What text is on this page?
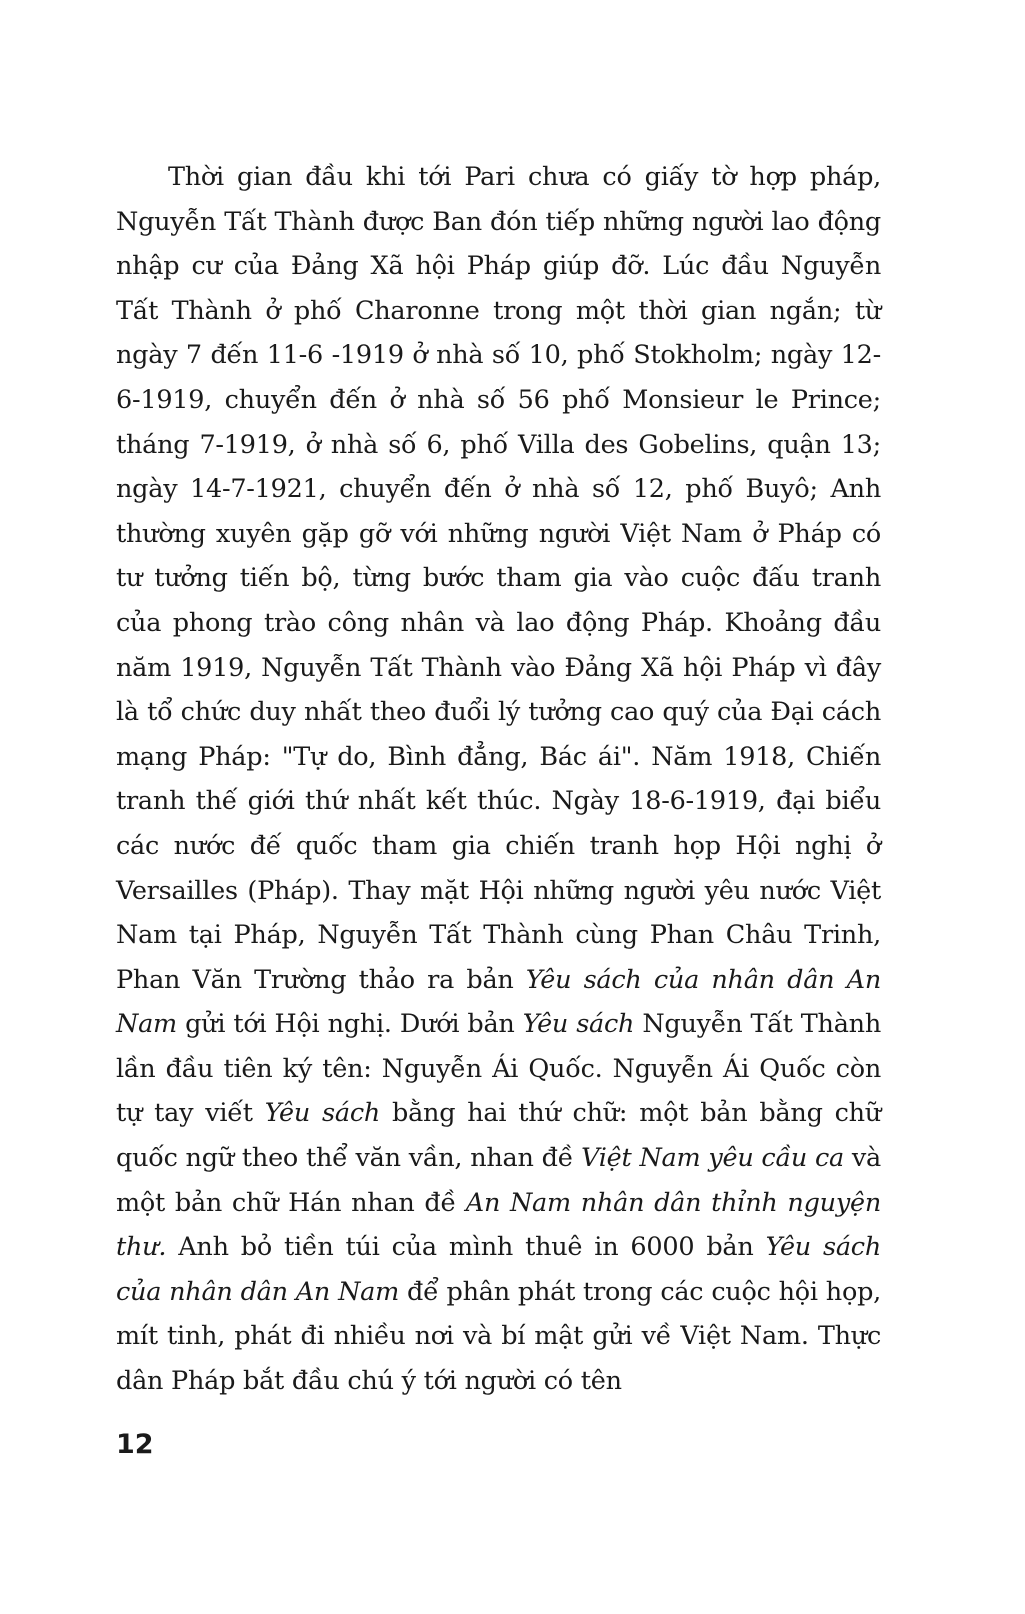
Thời gian đầu khi tới Pari chưa có giấy tờ hợp pháp, Nguyễn Tất Thành được Ban đón tiếp những người lao động nhập cư của Đảng Xã hội Pháp giúp đỡ. Lúc đầu Nguyễn Tất Thành ở phố Charonne trong một thời gian ngắn; từ ngày 7 đến 11-6 -1919 ở nhà số 10, phố Stokholm; ngày 12-6-1919, chuyển đến ở nhà số 56 phố Monsieur le Prince; tháng 7-1919, ở nhà số 6, phố Villa des Gobelins, quận 13; ngày 14-7-1921, chuyển đến ở nhà số 12, phố Buyô; Anh thường xuyên gặp gỡ với những người Việt Nam ở Pháp có tư tưởng tiến bộ, từng bước tham gia vào cuộc đấu tranh của phong trào công nhân và lao động Pháp. Khoảng đầu năm 1919, Nguyễn Tất Thành vào Đảng Xã hội Pháp vì đây là tổ chức duy nhất theo đuổi lý tưởng cao quý của Đại cách mạng Pháp: "Tự do, Bình đẳng, Bác ái". Năm 1918, Chiến tranh thế giới thứ nhất kết thúc. Ngày 18-6-1919, đại biểu các nước đế quốc tham gia chiến tranh họp Hội nghị ở Versailles (Pháp). Thay mặt Hội những người yêu nước Việt Nam tại Pháp, Nguyễn Tất Thành cùng Phan Châu Trinh, Phan Văn Trường thảo ra bản Yêu sách của nhân dân An Nam gửi tới Hội nghị. Dưới bản Yêu sách Nguyễn Tất Thành lần đầu tiên ký tên: Nguyễn Ái Quốc. Nguyễn Ái Quốc còn tự tay viết Yêu sách bằng hai thứ chữ: một bản bằng chữ quốc ngữ theo thể văn vần, nhan đề Việt Nam yêu cầu ca và một bản chữ Hán nhan đề An Nam nhân dân thỉnh nguyện thư. Anh bỏ tiền túi của mình thuê in 6000 bản Yêu sách của nhân dân An Nam để phân phát trong các cuộc hội họp, mít tinh, phát đi nhiều nơi và bí mật gửi về Việt Nam. Thực dân Pháp bắt đầu chú ý tới người có tên

12
